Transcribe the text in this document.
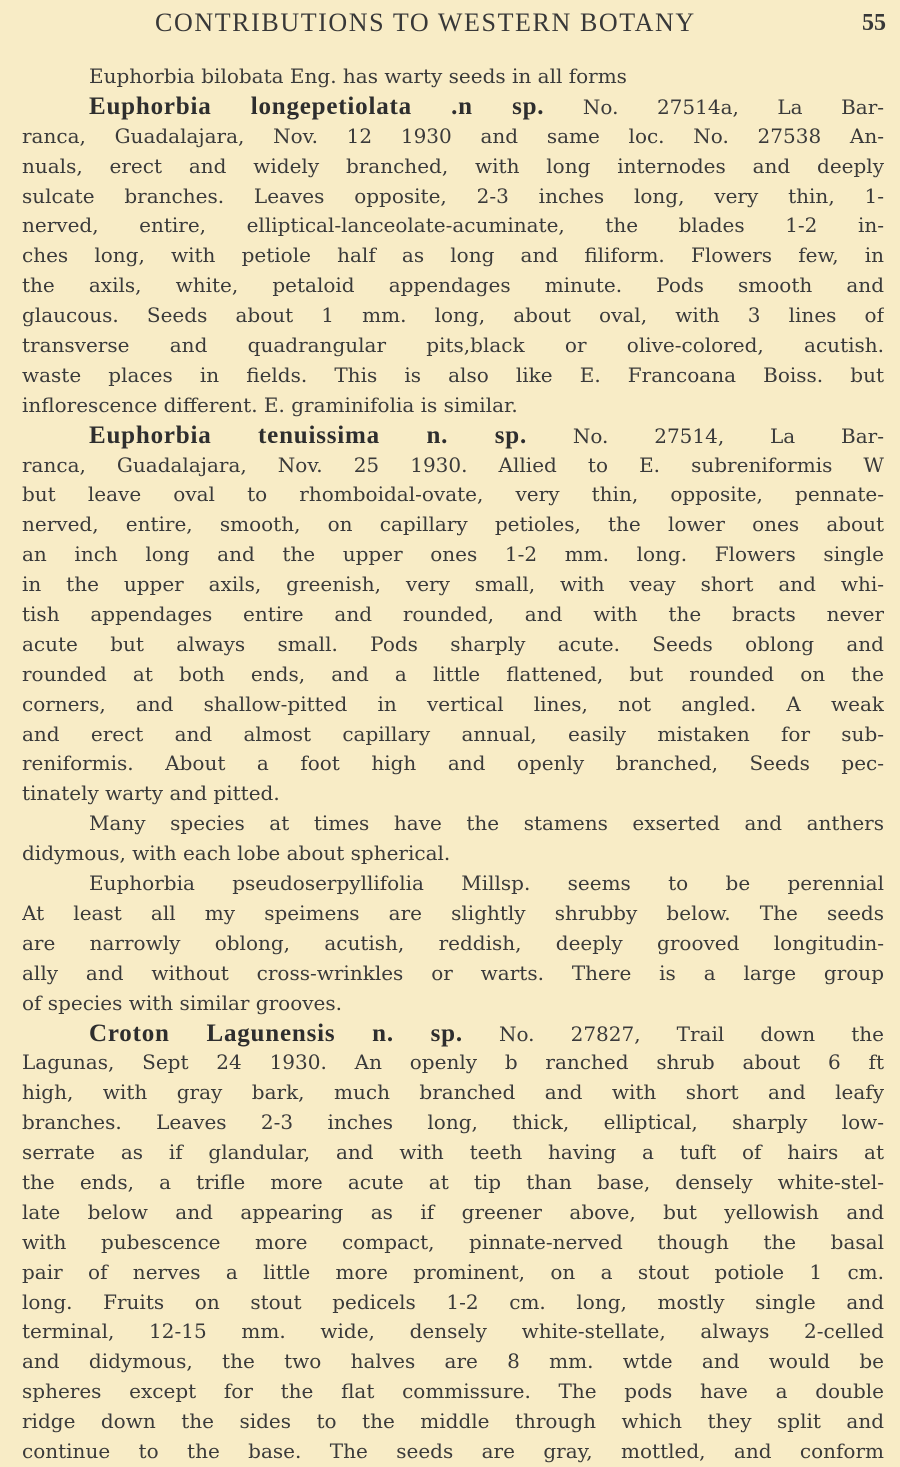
CONTRIBUTIONS TO WESTERN BOTANY	55
Euphorbia bilobata Eng. has warty seeds in all forms
Euphorbia longepetiolata .n sp. No. 27514a, La Bar-
ranca, Guadalajara, Nov. 12 1930 and same loc. No. 27538 An-
nuals, erect and widely branched, with long internodes and deeply
sulcate branches. Leaves opposite, 2-3 inches long, very thin, 1-
nerved, entire, elliptical-lanceolate-acuminate, the blades 1-2 in-
ches long, with petiole half as long and filiform. Flowers few, in
the axils, white, petaloid appendages minute. Pods smooth and
glaucous. Seeds about 1 mm. long, about oval, with 3 lines of
transverse and quadrangular pits,black or olive-colored, acutish.
waste places in fields. This is also like E. Francoana Boiss. but
inflorescence different. E. graminifolia is similar.
Euphorbia tenuissima n. sp. No. 27514, La Bar-
ranca, Guadalajara, Nov. 25 1930. Allied to E. subreniformis W
but leave oval to rhomboidal-ovate, very thin, opposite, pennate-
nerved, entire, smooth, on capillary petioles, the lower ones about
an inch long and the upper ones 1-2 mm. long. Flowers single
in the upper axils, greenish, very small, with veay short and whi-
tish appendages entire and rounded, and with the bracts never
acute but always small. Pods sharply acute. Seeds oblong and
rounded at both ends, and a little flattened, but rounded on the
corners, and shallow-pitted in vertical lines, not angled. A weak
and erect and almost capillary annual, easily mistaken for sub-
reniformis. About a foot high and openly branched, Seeds pec-
tinately warty and pitted.
Many species at times have the stamens exserted and anthers
didymous, with each lobe about spherical.
Euphorbia pseudoserpyllifolia Millsp. seems to be perennial
At least all my speimens are slightly shrubby below. The seeds
are narrowly oblong, acutish, reddish, deeply grooved longitudin-
ally and without cross-wrinkles or warts. There is a large group
of species with similar grooves.
Croton Lagunensis n. sp. No. 27827, Trail down the
Lagunas, Sept 24 1930. An openly b ranched shrub about 6 ft
high, with gray bark, much branched and with short and leafy
branches. Leaves 2-3 inches long, thick, elliptical, sharply low-
serrate as if glandular, and with teeth having a tuft of hairs at
the ends, a trifle more acute at tip than base, densely white-stel-
late below and appearing as if greener above, but yellowish and
with pubescence more compact, pinnate-nerved though the basal
pair of nerves a little more prominent, on a stout potiole 1 cm.
long. Fruits on stout pedicels 1-2 cm. long, mostly single and
terminal, 12-15 mm. wide, densely white-stellate, always 2-celled
and didymous, the two halves are 8 mm. wtde and would be
spheres except for the flat commissure. The pods have a double
ridge down the sides to the middle through which they split and
continue to the base. The seeds are gray, mottled, and conform
